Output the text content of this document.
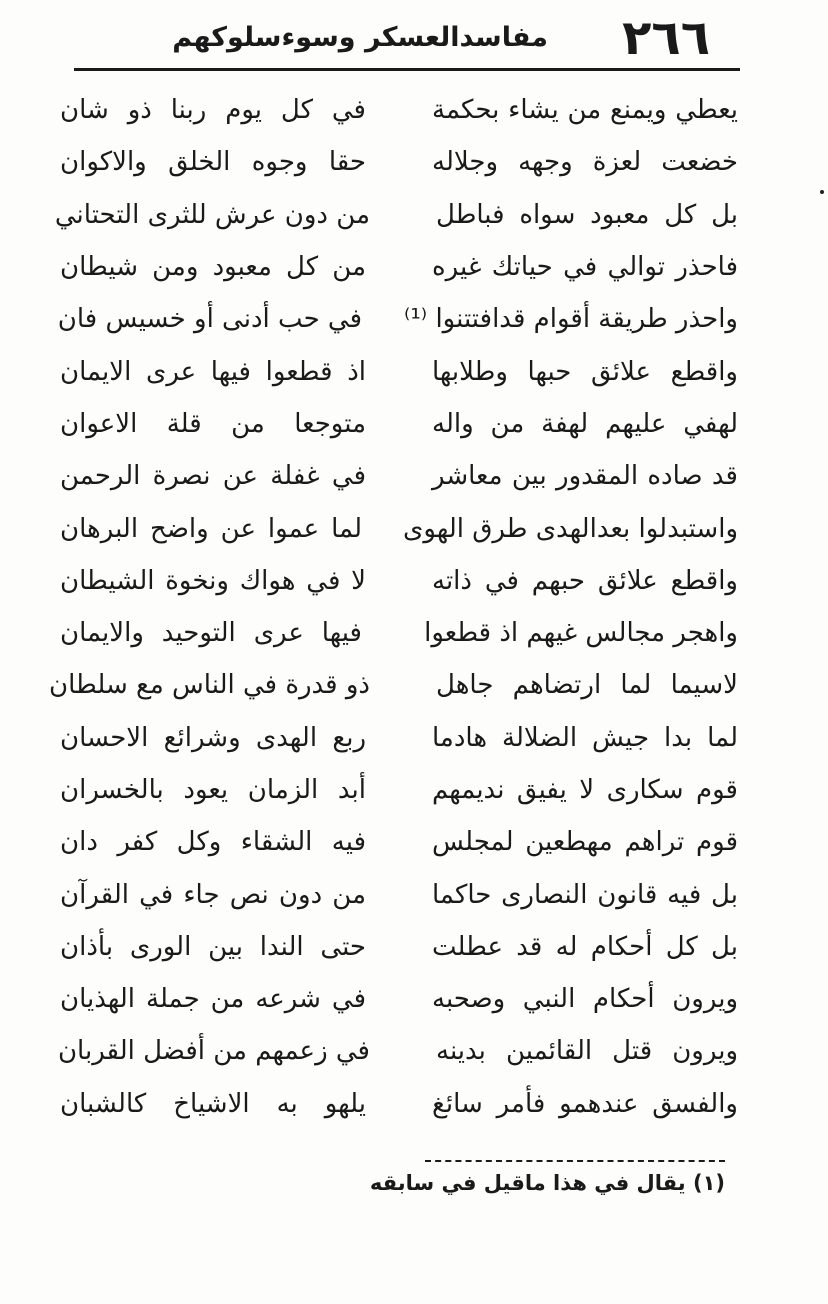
٢٦٦
مفاسدالعسكر وسوءسلوكهم
يعطي ويمنع من يشاء بحكمة
في كل يوم ربنا ذو شان
خضعت لعزة وجهه وجلاله
حقا وجوه الخلق والاكوان
بل كل معبود سواه فباطل
من دون عرش للثرى التحتاني
فاحذر توالي في حياتك غيره
من كل معبود ومن شيطان
واحذر طريقة أقوام قدافتتنوا ⁽¹⁾
في حب أدنى أو خسيس فان
واقطع علائق حبها وطلابها
اذ قطعوا فيها عرى الايمان
لهفي عليهم لهفة من واله
متوجعا من قلة الاعوان
قد صاده المقدور بين معاشر
في غفلة عن نصرة الرحمن
واستبدلوا بعدالهدى طرق الهوى
لما عموا عن واضح البرهان
واقطع علائق حبهم في ذاته
لا في هواك ونخوة الشيطان
واهجر مجالس غيهم اذ قطعوا
فيها عرى التوحيد والايمان
لاسيما لما ارتضاهم جاهل
ذو قدرة في الناس مع سلطان
لما بدا جيش الضلالة هادما
ربع الهدى وشرائع الاحسان
قوم سكارى لا يفيق نديمهم
أبد الزمان يعود بالخسران
قوم تراهم مهطعين لمجلس
فيه الشقاء وكل كفر دان
بل فيه قانون النصارى حاكما
من دون نص جاء في القرآن
بل كل أحكام له قد عطلت
حتى الندا بين الورى بأذان
ويرون أحكام النبي وصحبه
في شرعه من جملة الهذيان
ويرون قتل القائمين بدينه
في زعمهم من أفضل القربان
والفسق عندهمو فأمر سائغ
يلهو به الاشياخ كالشبان
(١) يقال في هذا ماقيل في سابقه
